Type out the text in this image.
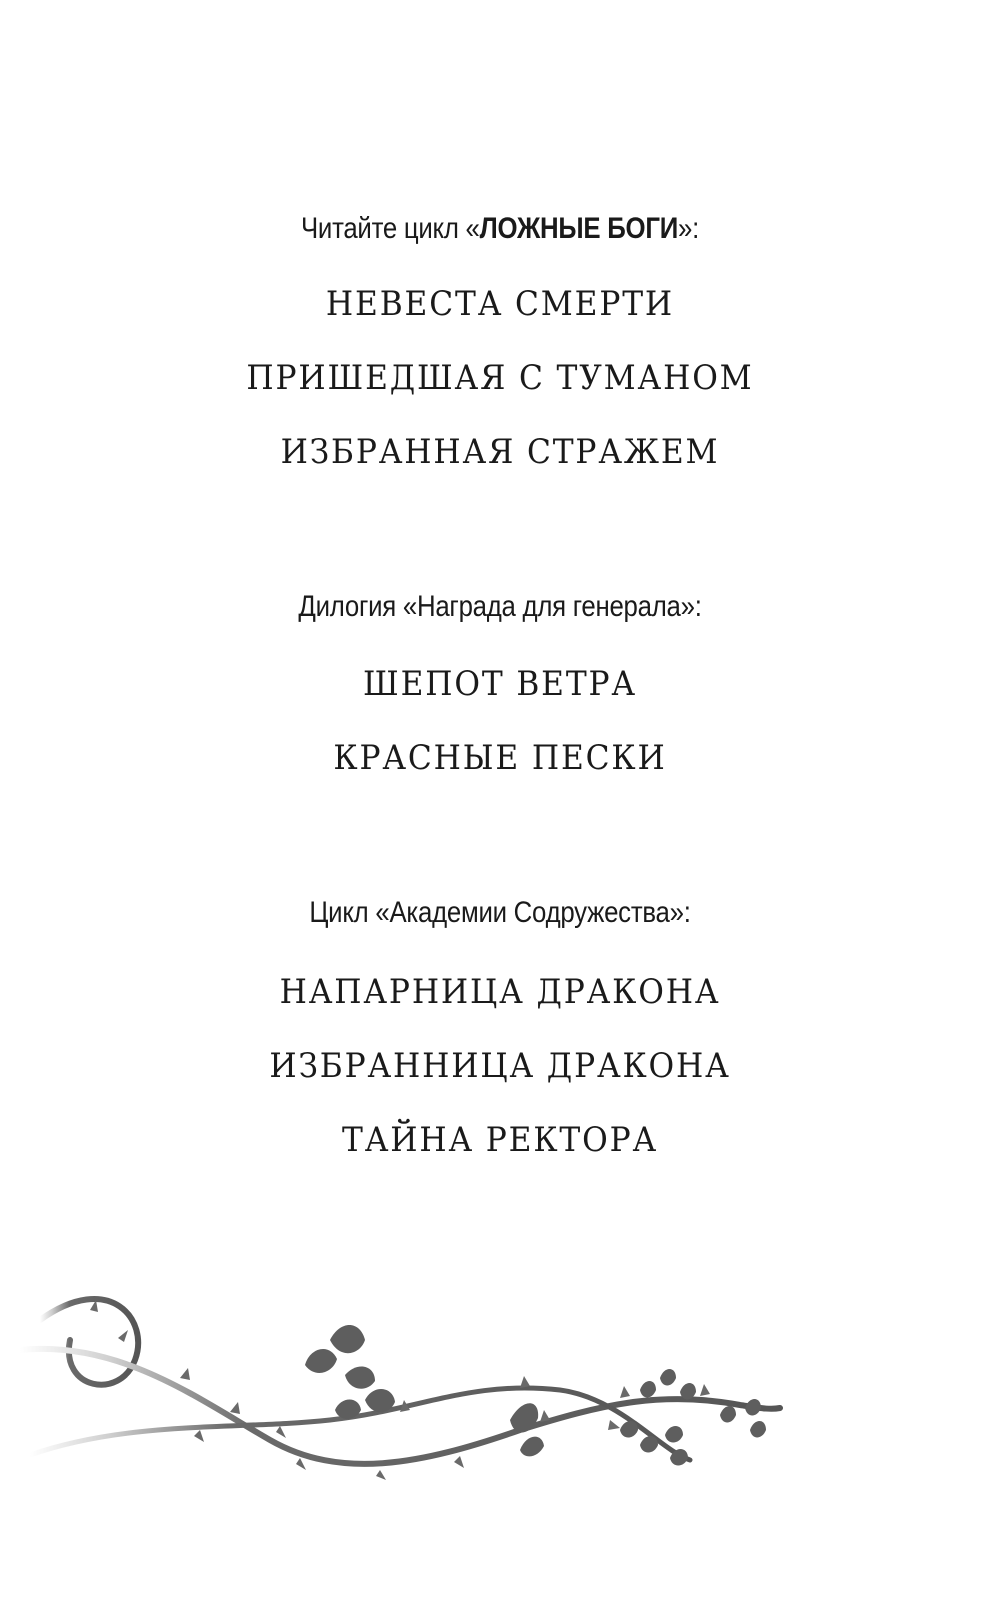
Читайте цикл «ЛОЖНЫЕ БОГИ»:
НЕВЕСТА СМЕРТИ
ПРИШЕДШАЯ С ТУМАНОМ
ИЗБРАННАЯ СТРАЖЕМ
Дилогия «Награда для генерала»:
ШЕПОТ ВЕТРА
КРАСНЫЕ ПЕСКИ
Цикл «Академии Содружества»:
НАПАРНИЦА ДРАКОНА
ИЗБРАННИЦА ДРАКОНА
ТАЙНА РЕКТОРА
